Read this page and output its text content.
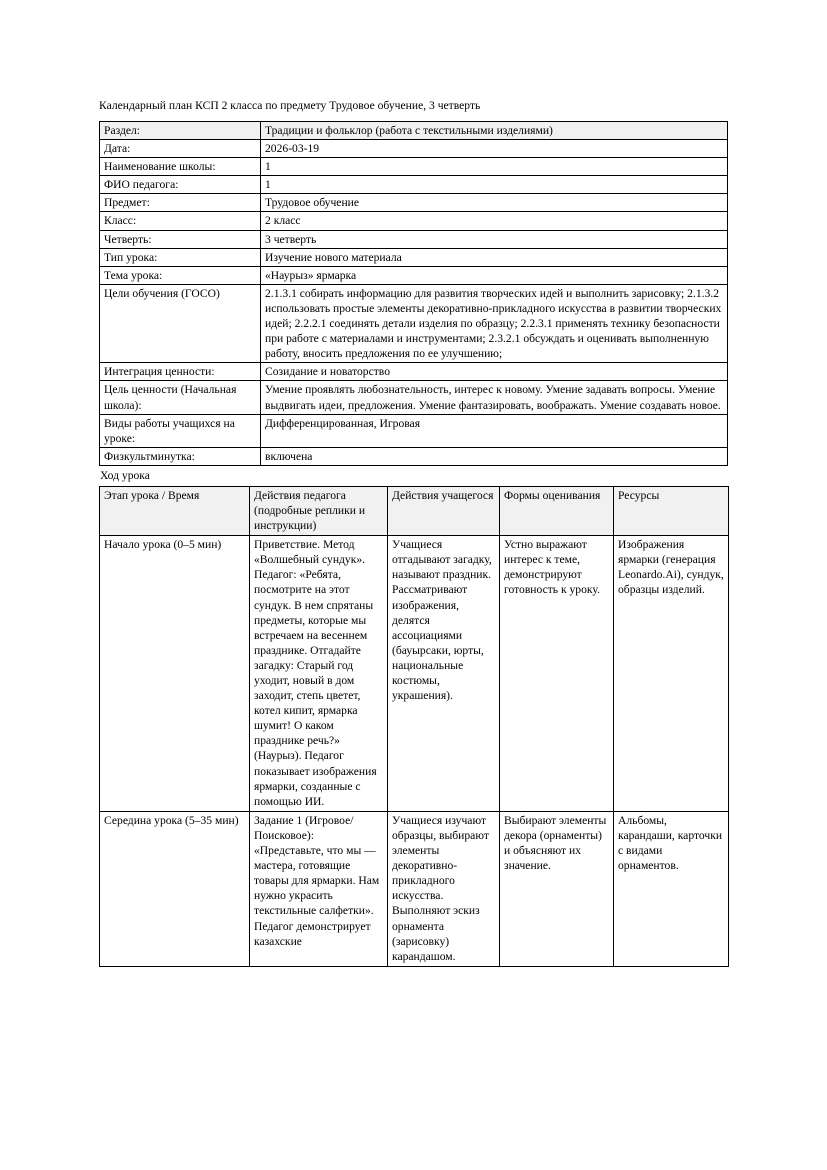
Календарный план КСП 2 класса по предмету Трудовое обучение, 3 четверть

Раздел:	Традиции и фольклор (работа с текстильными изделиями)
Дата:	2026-03-19
Наименование школы:	1
ФИО педагога:	1
Предмет:	Трудовое обучение
Класс:	2 класс
Четверть:	3 четверть
Тип урока:	Изучение нового материала
Тема урока:	«Наурыз» ярмарка
Цели обучения (ГОСО)	2.1.3.1 собирать информацию для развития творческих идей и выполнить зарисовку; 2.1.3.2 использовать простые элементы декоративно-прикладного искусства в развитии творческих идей; 2.2.2.1 соединять детали изделия по образцу; 2.2.3.1 применять технику безопасности при работе с материалами и инструментами; 2.3.2.1 обсуждать и оценивать выполненную работу, вносить предложения по ее улучшению;
Интеграция ценности:	Созидание и новаторство
Цель ценности (Начальная школа):	Умение проявлять любознательность, интерес к новому. Умение задавать вопросы. Умение выдвигать идеи, предложения. Умение фантазировать, воображать. Умение создавать новое.
Виды работы учащихся на уроке:	Дифференцированная, Игровая
Физкультминутка:	включена

Ход урока

Этап урока / Время	Действия педагога (подробные реплики и инструкции)	Действия учащегося	Формы оценивания	Ресурсы
Начало урока (0–5 мин)	Приветствие. Метод «Волшебный сундук». Педагог: «Ребята, посмотрите на этот сундук. В нем спрятаны предметы, которые мы встречаем на весеннем празднике. Отгадайте загадку: Старый год уходит, новый в дом заходит, степь цветет, котел кипит, ярмарка шумит! О каком празднике речь?» (Наурыз). Педагог показывает изображения ярмарки, созданные с помощью ИИ.	Учащиеся отгадывают загадку, называют праздник. Рассматривают изображения, делятся ассоциациями (бауырсаки, юрты, национальные костюмы, украшения).	Устно выражают интерес к теме, демонстрируют готовность к уроку.	Изображения ярмарки (генерация Leonardo.Ai), сундук, образцы изделий.
Середина урока (5–35 мин)	Задание 1 (Игровое/Поисковое): «Представьте, что мы — мастера, готовящие товары для ярмарки. Нам нужно украсить текстильные салфетки». Педагог демонстрирует казахские	Учащиеся изучают образцы, выбирают элементы декоративно-прикладного искусства. Выполняют эскиз орнамента (зарисовку) карандашом.	Выбирают элементы декора (орнаменты) и объясняют их значение.	Альбомы, карандаши, карточки с видами орнаментов.
